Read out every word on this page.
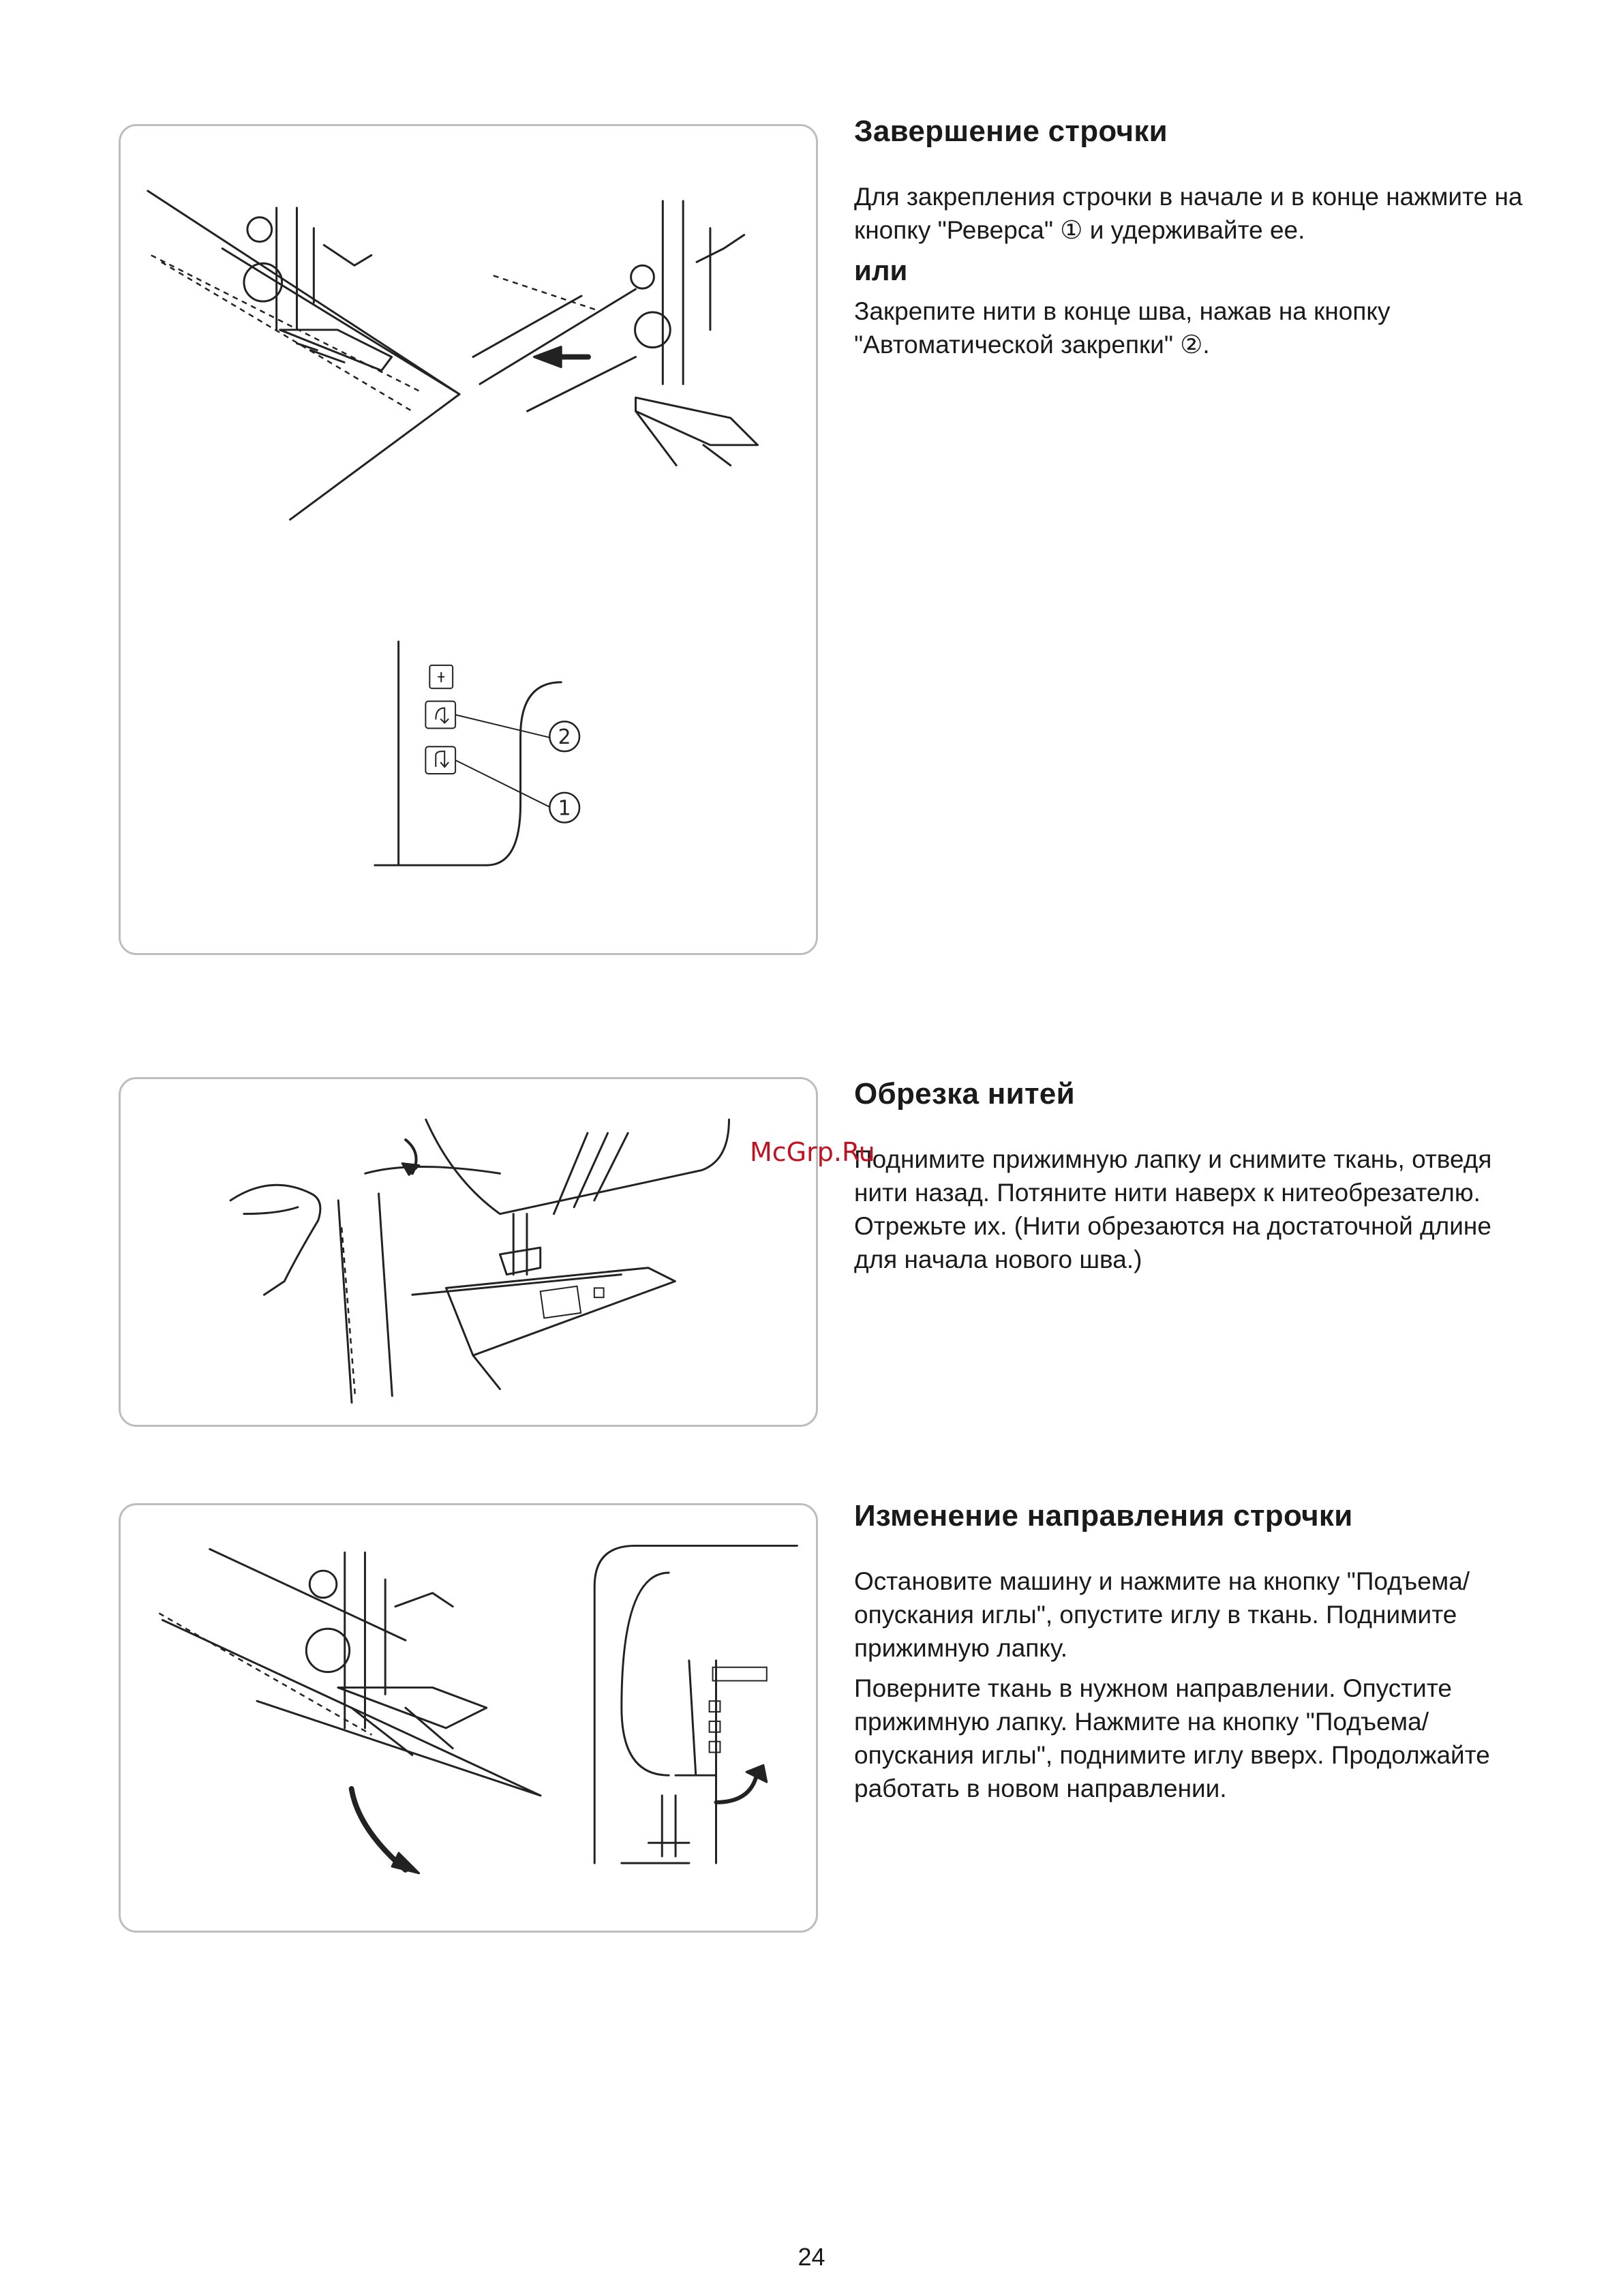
2
1
Завершение строчки

Для закрепления строчки в начале и в конце нажмите на кнопку "Реверса" ① и удерживайте ее.

или

Закрепите нити в конце шва, нажав на кнопку "Автоматической закрепки" ②.

Обрезка нитей

Поднимите прижимную лапку и снимите ткань, отведя нити назад. Потяните нити наверх к нитеобрезателю. Отрежьте их. (Нити обрезаются на достаточной длине для начала нового шва.)

Изменение направления строчки

Остановите машину и нажмите на кнопку "Подъема/опускания иглы", опустите иглу в ткань. Поднимите прижимную лапку.

Поверните ткань в нужном направлении. Опустите прижимную лапку. Нажмите на кнопку "Подъема/опускания иглы", поднимите иглу вверх. Продолжайте работать в новом направлении.

McGrp.Ru
24
